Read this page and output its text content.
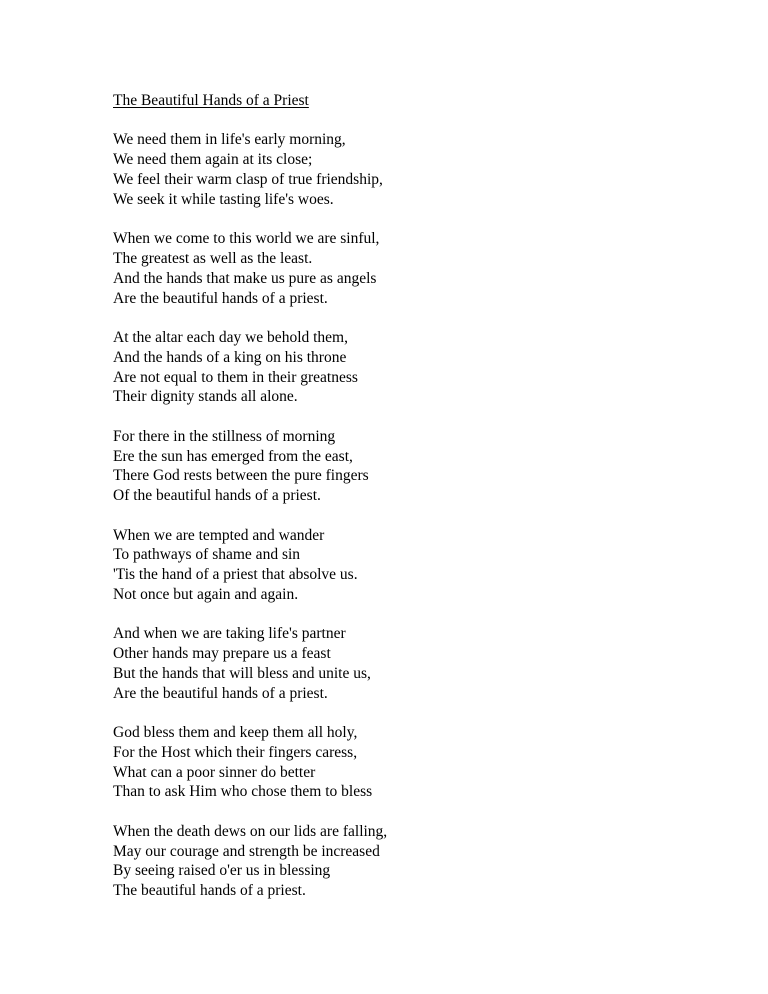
The Beautiful Hands of a Priest
We need them in life's early morning,
We need them again at its close;
We feel their warm clasp of true friendship,
We seek it while tasting life's woes.
When we come to this world we are sinful,
The greatest as well as the least.
And the hands that make us pure as angels
Are the beautiful hands of a priest.
At the altar each day we behold them,
And the hands of a king on his throne
Are not equal to them in their greatness
Their dignity stands all alone.
For there in the stillness of morning
Ere the sun has emerged from the east,
There God rests between the pure fingers
Of the beautiful hands of a priest.
When we are tempted and wander
To pathways of shame and sin
'Tis the hand of a priest that absolve us.
Not once but again and again.
And when we are taking life's partner
Other hands may prepare us a feast
But the hands that will bless and unite us,
Are the beautiful hands of a priest.
God bless them and keep them all holy,
For the Host which their fingers caress,
What can a poor sinner do better
Than to ask Him who chose them to bless
When the death dews on our lids are falling,
May our courage and strength be increased
By seeing raised o'er us in blessing
The beautiful hands of a priest.
